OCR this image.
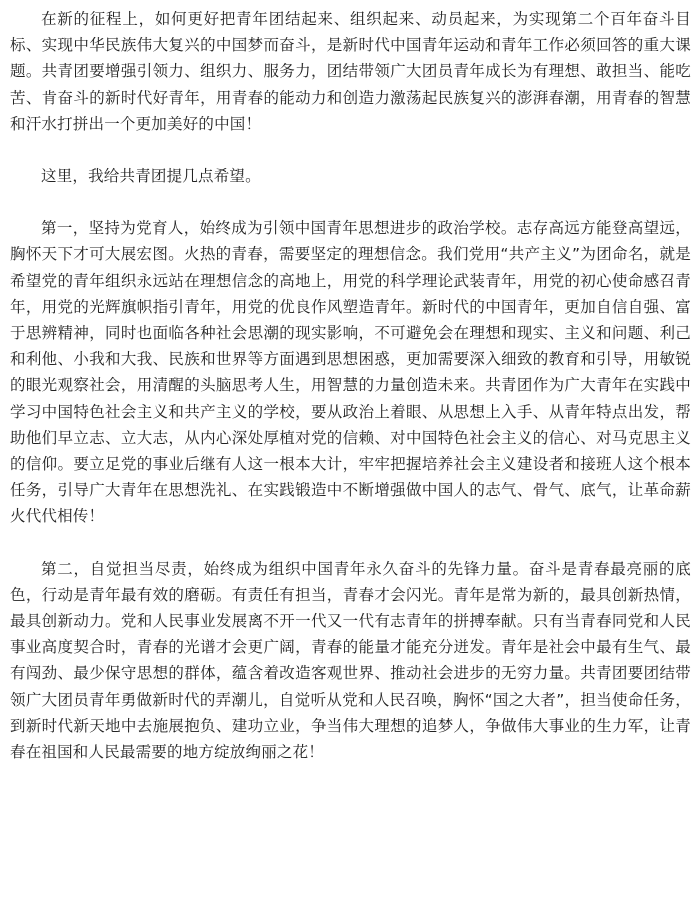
在新的征程上，如何更好把青年团结起来、组织起来、动员起来，为实现第二个百年奋斗目标、实现中华民族伟大复兴的中国梦而奋斗，是新时代中国青年运动和青年工作必须回答的重大课题。共青团要增强引领力、组织力、服务力，团结带领广大团员青年成长为有理想、敢担当、能吃苦、肯奋斗的新时代好青年，用青春的能动力和创造力激荡起民族复兴的澎湃春潮，用青春的智慧和汗水打拼出一个更加美好的中国！

这里，我给共青团提几点希望。

第一，坚持为党育人，始终成为引领中国青年思想进步的政治学校。志存高远方能登高望远，胸怀天下才可大展宏图。火热的青春，需要坚定的理想信念。我们党用“共产主义”为团命名，就是希望党的青年组织永远站在理想信念的高地上，用党的科学理论武装青年，用党的初心使命感召青年，用党的光辉旗帜指引青年，用党的优良作风塑造青年。新时代的中国青年，更加自信自强、富于思辨精神，同时也面临各种社会思潮的现实影响，不可避免会在理想和现实、主义和问题、利己和利他、小我和大我、民族和世界等方面遇到思想困惑，更加需要深入细致的教育和引导，用敏锐的眼光观察社会，用清醒的头脑思考人生，用智慧的力量创造未来。共青团作为广大青年在实践中学习中国特色社会主义和共产主义的学校，要从政治上着眼、从思想上入手、从青年特点出发，帮助他们早立志、立大志，从内心深处厚植对党的信赖、对中国特色社会主义的信心、对马克思主义的信仰。要立足党的事业后继有人这一根本大计，牢牢把握培养社会主义建设者和接班人这个根本任务，引导广大青年在思想洗礼、在实践锻造中不断增强做中国人的志气、骨气、底气，让革命薪火代代相传！

第二，自觉担当尽责，始终成为组织中国青年永久奋斗的先锋力量。奋斗是青春最亮丽的底色，行动是青年最有效的磨砺。有责任有担当，青春才会闪光。青年是常为新的，最具创新热情，最具创新动力。党和人民事业发展离不开一代又一代有志青年的拼搏奉献。只有当青春同党和人民事业高度契合时，青春的光谱才会更广阔，青春的能量才能充分迸发。青年是社会中最有生气、最有闯劲、最少保守思想的群体，蕴含着改造客观世界、推动社会进步的无穷力量。共青团要团结带领广大团员青年勇做新时代的弄潮儿，自觉听从党和人民召唤，胸怀“国之大者”，担当使命任务，到新时代新天地中去施展抱负、建功立业，争当伟大理想的追梦人，争做伟大事业的生力军，让青春在祖国和人民最需要的地方绽放绚丽之花！
